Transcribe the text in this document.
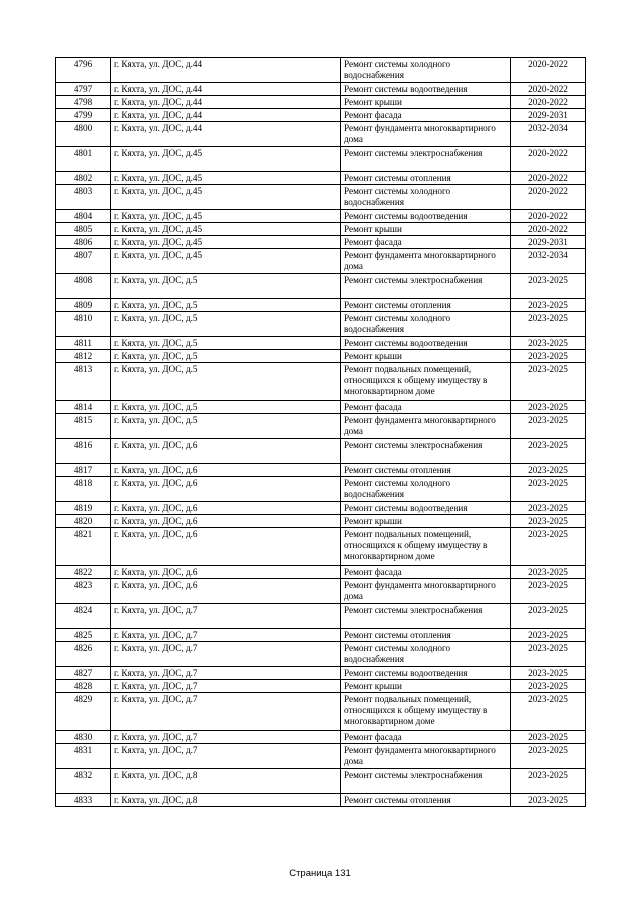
4796	г. Кяхта, ул. ДОС, д.44	Ремонт системы холодного водоснабжения	2020-2022
4797	г. Кяхта, ул. ДОС, д.44	Ремонт системы водоотведения	2020-2022
4798	г. Кяхта, ул. ДОС, д.44	Ремонт крыши	2020-2022
4799	г. Кяхта, ул. ДОС, д.44	Ремонт фасада	2029-2031
4800	г. Кяхта, ул. ДОС, д.44	Ремонт фундамента многоквартирного дома	2032-2034
4801	г. Кяхта, ул. ДОС, д.45	Ремонт системы электроснабжения	2020-2022
4802	г. Кяхта, ул. ДОС, д.45	Ремонт системы отопления	2020-2022
4803	г. Кяхта, ул. ДОС, д.45	Ремонт системы холодного водоснабжения	2020-2022
4804	г. Кяхта, ул. ДОС, д.45	Ремонт системы водоотведения	2020-2022
4805	г. Кяхта, ул. ДОС, д.45	Ремонт крыши	2020-2022
4806	г. Кяхта, ул. ДОС, д.45	Ремонт фасада	2029-2031
4807	г. Кяхта, ул. ДОС, д.45	Ремонт фундамента многоквартирного дома	2032-2034
4808	г. Кяхта, ул. ДОС, д.5	Ремонт системы электроснабжения	2023-2025
4809	г. Кяхта, ул. ДОС, д.5	Ремонт системы отопления	2023-2025
4810	г. Кяхта, ул. ДОС, д.5	Ремонт системы холодного водоснабжения	2023-2025
4811	г. Кяхта, ул. ДОС, д.5	Ремонт системы водоотведения	2023-2025
4812	г. Кяхта, ул. ДОС, д.5	Ремонт крыши	2023-2025
4813	г. Кяхта, ул. ДОС, д.5	Ремонт подвальных помещений, относящихся к общему имуществу в многоквартирном доме	2023-2025
4814	г. Кяхта, ул. ДОС, д.5	Ремонт фасада	2023-2025
4815	г. Кяхта, ул. ДОС, д.5	Ремонт фундамента многоквартирного дома	2023-2025
4816	г. Кяхта, ул. ДОС, д.6	Ремонт системы электроснабжения	2023-2025
4817	г. Кяхта, ул. ДОС, д.6	Ремонт системы отопления	2023-2025
4818	г. Кяхта, ул. ДОС, д.6	Ремонт системы холодного водоснабжения	2023-2025
4819	г. Кяхта, ул. ДОС, д.6	Ремонт системы водоотведения	2023-2025
4820	г. Кяхта, ул. ДОС, д.6	Ремонт крыши	2023-2025
4821	г. Кяхта, ул. ДОС, д.6	Ремонт подвальных помещений, относящихся к общему имуществу в многоквартирном доме	2023-2025
4822	г. Кяхта, ул. ДОС, д.6	Ремонт фасада	2023-2025
4823	г. Кяхта, ул. ДОС, д.6	Ремонт фундамента многоквартирного дома	2023-2025
4824	г. Кяхта, ул. ДОС, д.7	Ремонт системы электроснабжения	2023-2025
4825	г. Кяхта, ул. ДОС, д.7	Ремонт системы отопления	2023-2025
4826	г. Кяхта, ул. ДОС, д.7	Ремонт системы холодного водоснабжения	2023-2025
4827	г. Кяхта, ул. ДОС, д.7	Ремонт системы водоотведения	2023-2025
4828	г. Кяхта, ул. ДОС, д.7	Ремонт крыши	2023-2025
4829	г. Кяхта, ул. ДОС, д.7	Ремонт подвальных помещений, относящихся к общему имуществу в многоквартирном доме	2023-2025
4830	г. Кяхта, ул. ДОС, д.7	Ремонт фасада	2023-2025
4831	г. Кяхта, ул. ДОС, д.7	Ремонт фундамента многоквартирного дома	2023-2025
4832	г. Кяхта, ул. ДОС, д.8	Ремонт системы электроснабжения	2023-2025
4833	г. Кяхта, ул. ДОС, д.8	Ремонт системы отопления	2023-2025
Страница 131
